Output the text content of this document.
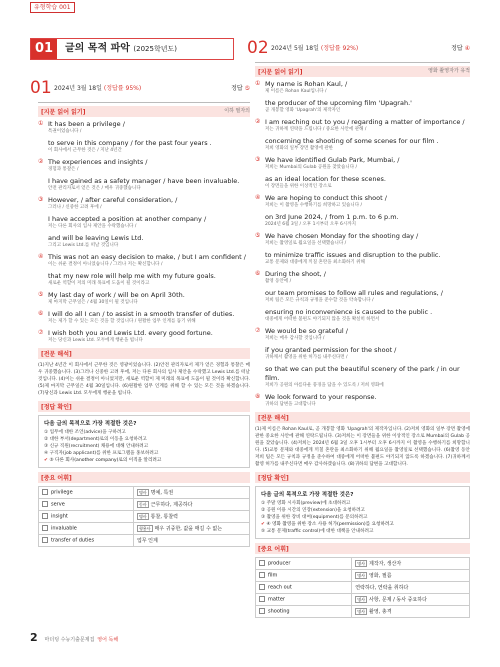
유형학습 001
01	글의 목적 파악 (2025학년도)
01 2024년 3월 18일 (정답률 95%)	정답 ⑤
[지문 읽어 읽기]	이하 필자의
① It has been a privilege /
특권이었습니다 /
to serve in this company / for the past four years .
이 회사에서 근무한 것은 / 지난 4년간
② The experiences and insights /
경험과 통찰은 /
I have gained as a safety manager / have been invaluable.
안전 관리자로서 얻은 것은 / 매우 귀중했습니다
③ However, / after careful consideration, /
그러나 / 신중한 고려 후에 /
I have accepted a position at another company /
저는 다른 회사의 입사 제안을 수락했습니다 /
and will be leaving Lewis Ltd.
그리고 Lewis Ltd.를 떠날 것입니다
④ This was not an easy decision to make, / but I am confident /
이는 쉬운 결정이 아니었습니다 / 그러나 저는 확신합니다 /
that my new role will help me with my future goals.
새로운 역할이 저의 미래 목표에 도움이 될 것이라고
⑤ My last day of work / will be on April 30th.
제 마지막 근무일은 / 4월 30일이 될 것입니다
⑥ I will do all I can / to assist in a smooth transfer of duties.
저는 제가 할 수 있는 모든 것을 할 것입니다 / 원활한 업무 인계를 돕기 위해
⑦ I wish both you and Lewis Ltd. every good fortune.
저는 당신과 Lewis Ltd. 모두에게 행운을 빕니다
[전문 해석]
(1)지난 4년간 이 회사에서 근무한 것은 영광이었습니다. (2)안전 관리자로서 제가 얻은 경험과 통찰은 매우 귀중했습니다. (3)그러나 신중한 고려 후에, 저는 다른 회사의 입사 제안을 수락했고 Lewis Ltd.를 떠날 것입니다. (4)이는 쉬운 결정이 아니었지만, 새로운 역할이 제 미래의 목표에 도움이 될 것이라 확신합니다. (5)제 마지막 근무일은 4월 30일입니다. (6)원활한 업무 인계를 위해 할 수 있는 모든 것을 하겠습니다. (7)당신과 Lewis Ltd. 모두에게 행운을 빕니다.
[정답 확인]
다음 글의 목적으로 가장 적절한 것은?
① 업무에 대한 조언(advice)을 구하려고
② 대한 부서(department)로의 이동을 요청하려고
③ 신규 직원(recruitment) 채용에 대해 안내하려고
④ 구직자(job applicant)를 위한 프로그램을 홍보하려고
✔ ⑤ 다른 회사(another company)로의 이직을 알리려고
[중요 어휘]
privilege	명사 명예, 특권
serve	동사 근무하다, 제공하다
insight	명사 통찰, 통찰력
invaluable	형용사 매우 귀중한, 값을 매길 수 없는
transfer of duties	업무 인계
02 2024년 5월 18일 (정답률 92%)	정답 ④
[지문 읽어 읽기]	영화 촬영자가 유적
① My name is Rohan Kaul, /
제 이름은 Rohan Kaul입니다 /
the producer of the upcoming film 'Upagrah.'
곧 개봉할 영화 'Upagrah'의 제작자인
② I am reaching out to you / regarding a matter of importance /
저는 귀하께 연락을 드립니다 / 중요한 사안에 관해 /
concerning the shooting of some scenes for our film .
저희 영화의 일부 장면 촬영에 관한
③ We have identified Gulab Park, Mumbai, /
저희는 Mumbai의 Gulab 공원을 찾았습니다 /
as an ideal location for these scenes.
이 장면들을 위한 이상적인 장소로
④ We are hoping to conduct this shoot /
저희는 이 촬영을 수행하기를 희망하고 있습니다 /
on 3rd June 2024, / from 1 p.m. to 6 p.m.
2024년 6월 3일 / 오후 1시부터 오후 6시까지
⑤ We have chosen Monday for the shooting day /
저희는 촬영일로 월요일을 선택했습니다 /
to minimize traffic issues and disruption to the public.
교통 문제와 대중에게 끼칠 혼란을 최소화하기 위해
⑥ During the shoot, /
촬영 동안에 /
our team promises to follow all rules and regulations, /
저희 팀은 모든 규칙과 규정을 준수할 것을 약속합니다 /
ensuring no inconvenience is caused to the public .
대중에게 어떠한 불편도 야기되지 않을 것을 확실히 하면서
⑦ We would be so grateful /
저희는 매우 감사할 것입니다 /
if you granted permission for the shoot /
귀하께서 촬영을 위한 허가를 내주신다면 /
so that we can put the beautiful scenery of the park / in our film.
저희가 공원의 아름다운 풍경을 담을 수 있도록 / 저희 영화에
⑧ We look forward to your response.
귀하의 답변을 고대합니다
[전문 해석]
(1)제 이름은 Rohan Kaul로, 곧 개봉할 영화 'Upagrah'의 제작자입니다. (2)저희 영화의 일부 장면 촬영에 관한 중요한 사안에 관해 연락드립니다. (3)저희는 이 장면들을 위한 이상적인 장소로 Mumbai의 Gulab 공원을 찾았습니다. (4)저희는 2024년 6월 3일 오후 1시부터 오후 6시까지 이 촬영을 수행하기를 희망합니다. (5)교통 문제와 대중에게 끼칠 혼란을 최소화하기 위해 월요일을 촬영일로 선택했습니다. (6)촬영 동안 저희 팀은 모든 규칙과 규정을 준수하여 대중에게 어떠한 불편도 야기되지 않도록 하겠습니다. (7)귀하께서 촬영 허가를 내주신다면 매우 감사하겠습니다. (8)귀하의 답변을 고대합니다.
[정답 확인]
다음 글의 목적으로 가장 적절한 것은?
① 주말 영화 시사회(preview)에 초대하려고
② 공원 이용 시간의 연장(extension)을 요청하려고
③ 촬영을 위한 장비 대여(equipment)를 문의하려고
✔ ④ 영화 촬영을 위한 장소 사용 허가(permission)를 요청하려고
⑤ 교통 문제(traffic control)에 대한 대책을 안내하려고
[중요 어휘]
producer	명사 제작자, 생산자
film	명사 영화, 필름
reach out	연락하다, 연락을 취하다
matter	명사 사항, 문제 / 동사 중요하다
shooting	명사 촬영, 총격
2 마더텅 수능기출문제집 영어 독해
